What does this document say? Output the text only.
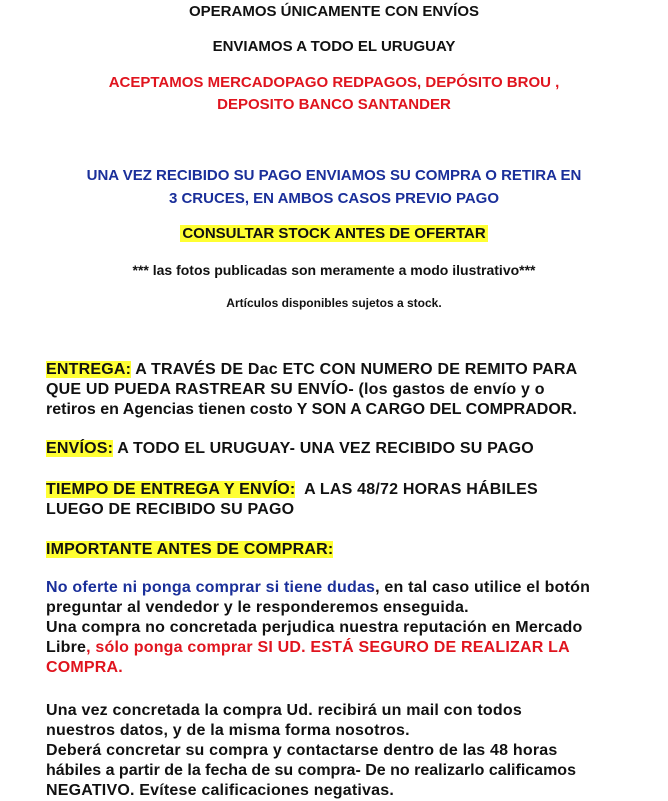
OPERAMOS ÚNICAMENTE CON ENVÍOS
ENVIAMOS A TODO EL URUGUAY
ACEPTAMOS MERCADOPAGO REDPAGOS, DEPÓSITO BROU ,
DEPOSITO BANCO SANTANDER
UNA VEZ RECIBIDO SU PAGO ENVIAMOS SU COMPRA O RETIRA EN
3 CRUCES, EN AMBOS CASOS PREVIO PAGO
CONSULTAR STOCK ANTES DE OFERTAR
*** las fotos publicadas son meramente a modo ilustrativo***
Artículos disponibles sujetos a stock.
ENTREGA: A TRAVÉS DE Dac ETC CON NUMERO DE REMITO PARA
QUE UD PUEDA RASTREAR SU ENVÍO- (los gastos de envío y o
retiros en Agencias tienen costo Y SON A CARGO DEL COMPRADOR.
ENVÍOS: A TODO EL URUGUAY- UNA VEZ RECIBIDO SU PAGO
TIEMPO DE ENTREGA Y ENVÍO:  A LAS 48/72 HORAS HÁBILES
LUEGO DE RECIBIDO SU PAGO
IMPORTANTE ANTES DE COMPRAR:
No oferte ni ponga comprar si tiene dudas, en tal caso utilice el botón
preguntar al vendedor y le responderemos enseguida.
Una compra no concretada perjudica nuestra reputación en Mercado
Libre, sólo ponga comprar SI UD. ESTÁ SEGURO DE REALIZAR LA
COMPRA.
Una vez concretada la compra Ud. recibirá un mail con todos
nuestros datos, y de la misma forma nosotros.
Deberá concretar su compra y contactarse dentro de las 48 horas
hábiles a partir de la fecha de su compra- De no realizarlo calificamos
NEGATIVO. Evítese calificaciones negativas.
